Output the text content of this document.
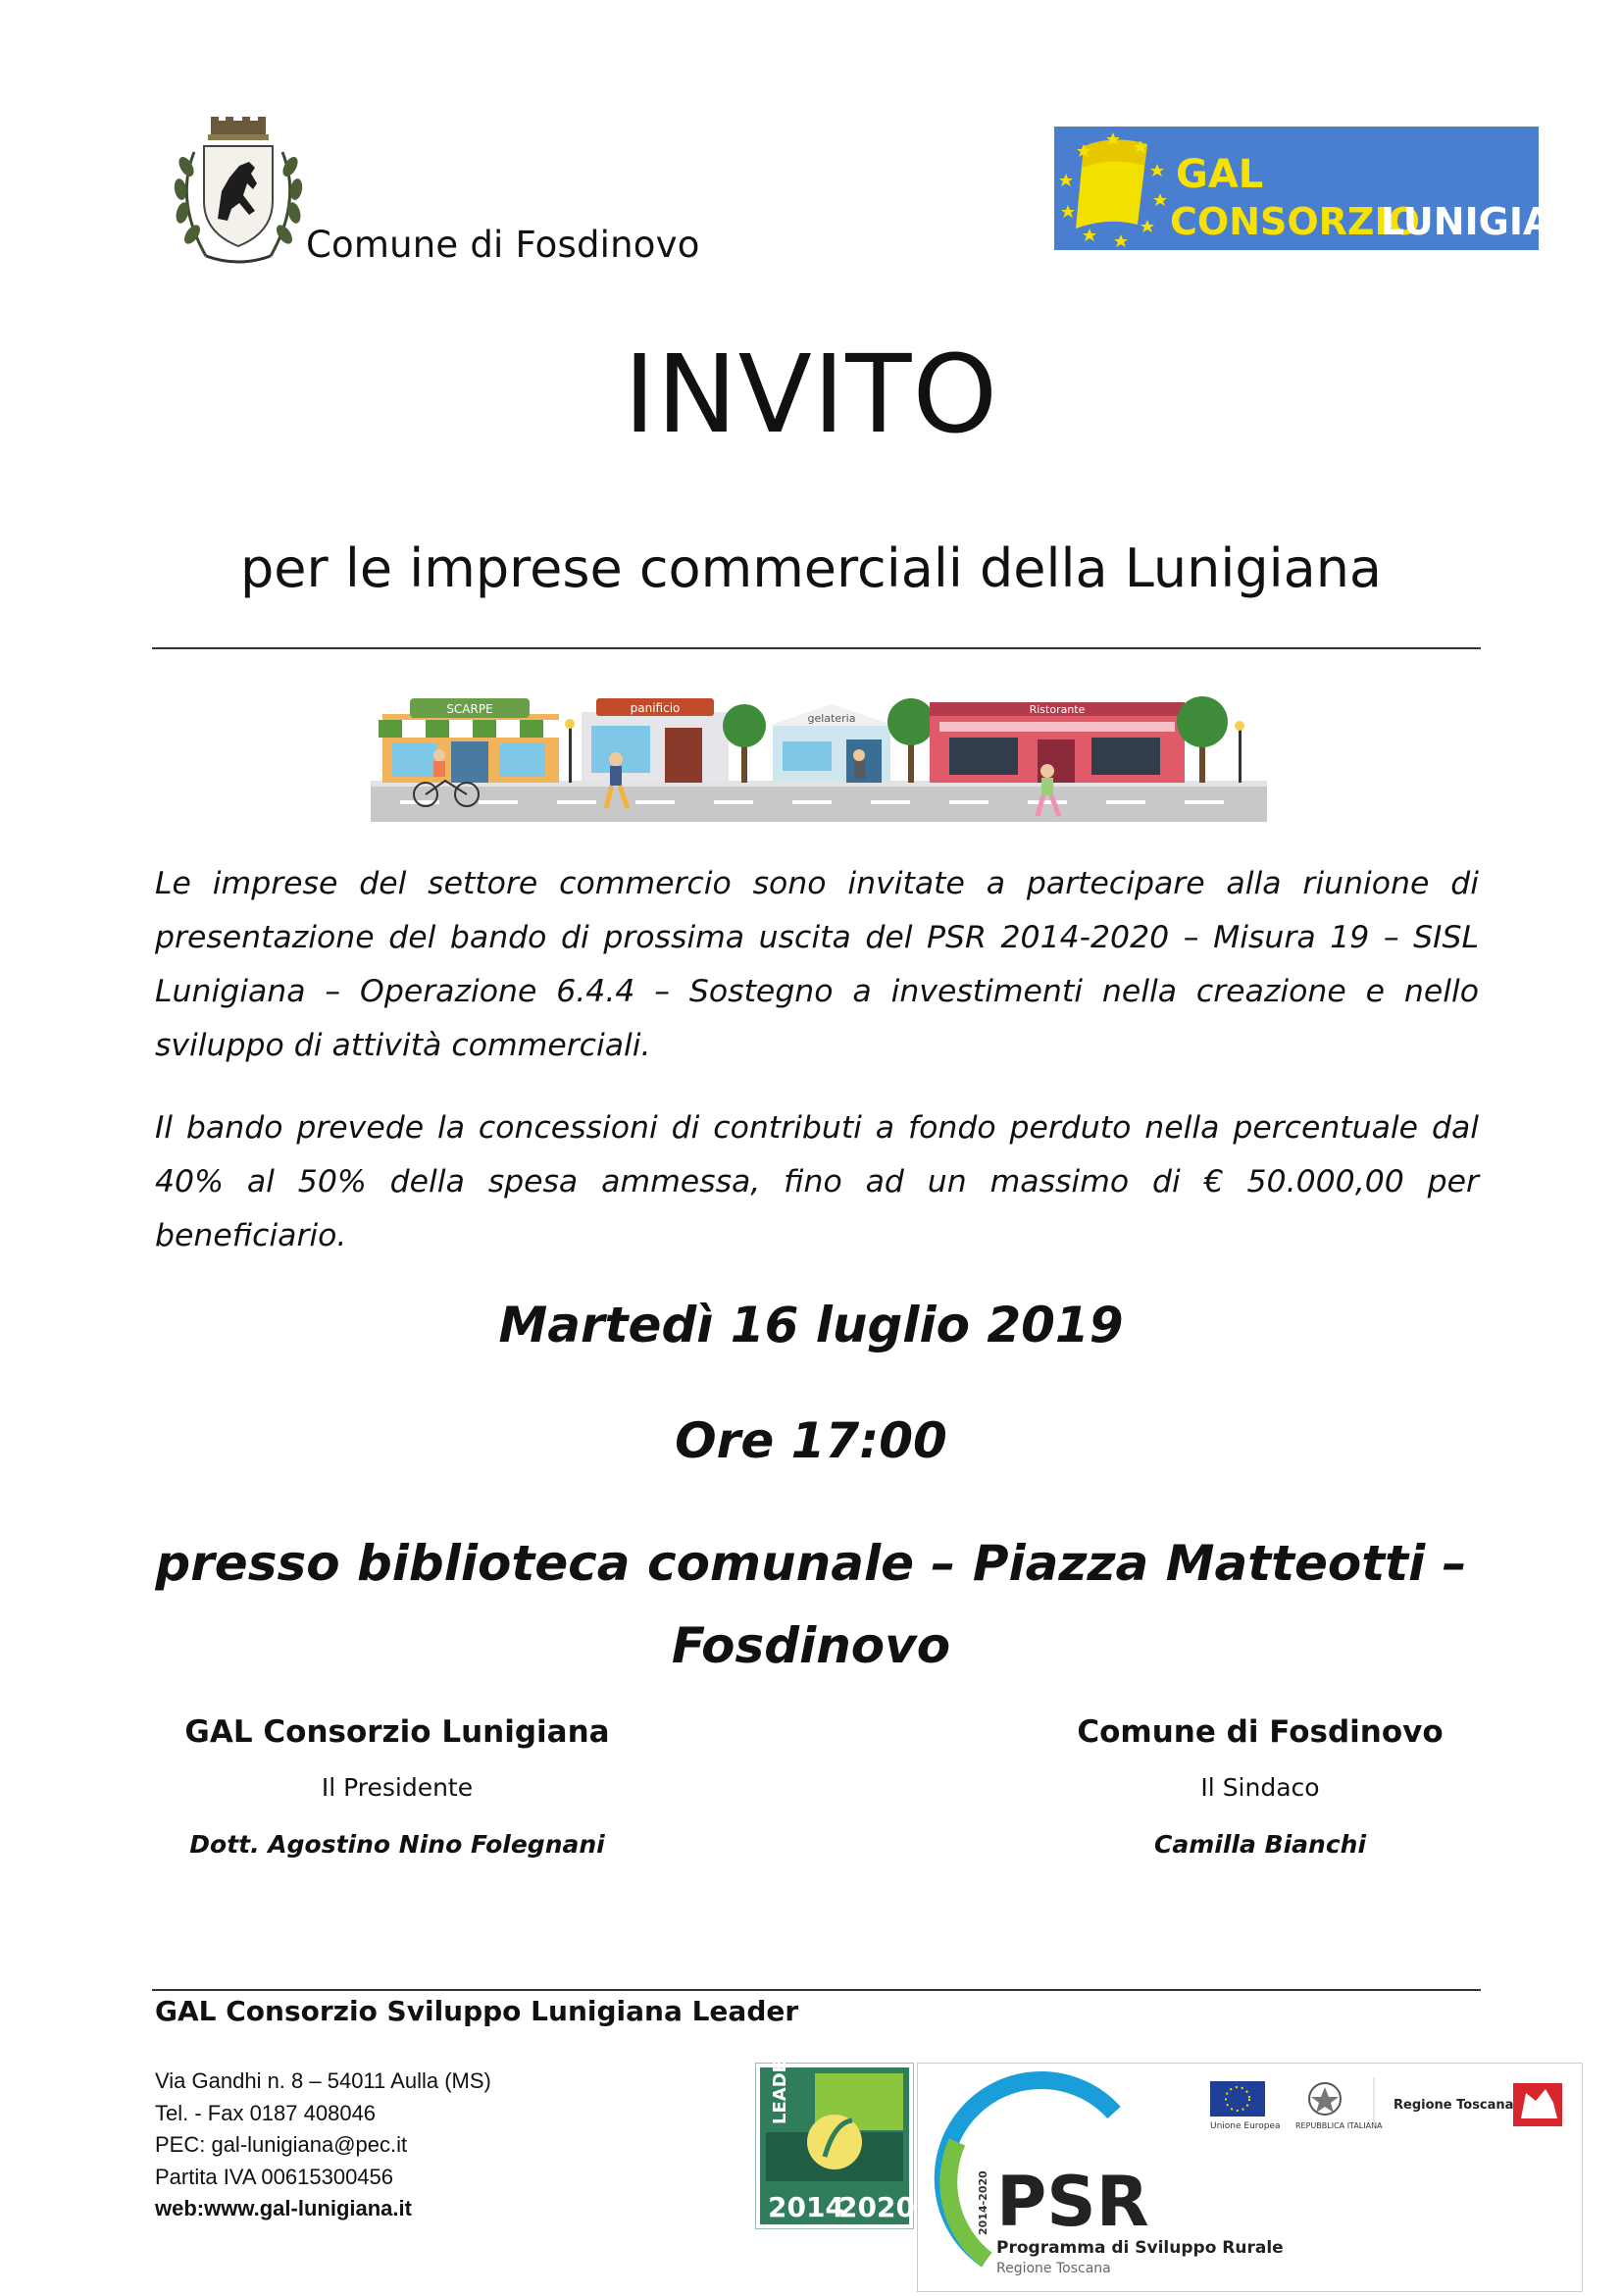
Comune di Fosdinovo
GAL
CONSORZIO
LUNIGIANA
INVITO
per le imprese commerciali della Lunigiana
SCARPE	panificio
gelateria
Ristorante
Le imprese del settore commercio sono invitate a partecipare alla riunione di presentazione del bando di prossima uscita del PSR 2014-2020 – Misura 19 – SISL Lunigiana – Operazione 6.4.4 – Sostegno a investimenti nella creazione e nello sviluppo di attività commerciali.
Il bando prevede la concessioni di contributi a fondo perduto nella percentuale dal 40% al 50% della spesa ammessa, fino ad un massimo di € 50.000,00 per beneficiario.
Martedì 16 luglio 2019
Ore 17:00
presso biblioteca comunale – Piazza Matteotti –
Fosdinovo
GAL Consorzio Lunigiana
Il Presidente
Dott. Agostino Nino Folegnani
Comune di Fosdinovo
Il Sindaco
Camilla Bianchi
GAL Consorzio Sviluppo Lunigiana Leader
Via Gandhi n. 8 – 54011 Aulla (MS)
Tel. - Fax 0187 408046
PEC: gal-lunigiana@pec.it
Partita IVA 00615300456
web:www.gal-lunigiana.it
LEADER
2014
2020	2014-2020 PSR
Programma di Sviluppo Rurale
Regione Toscana
Unione Europea REPUBBLICA ITALIANA
Regione Toscana
